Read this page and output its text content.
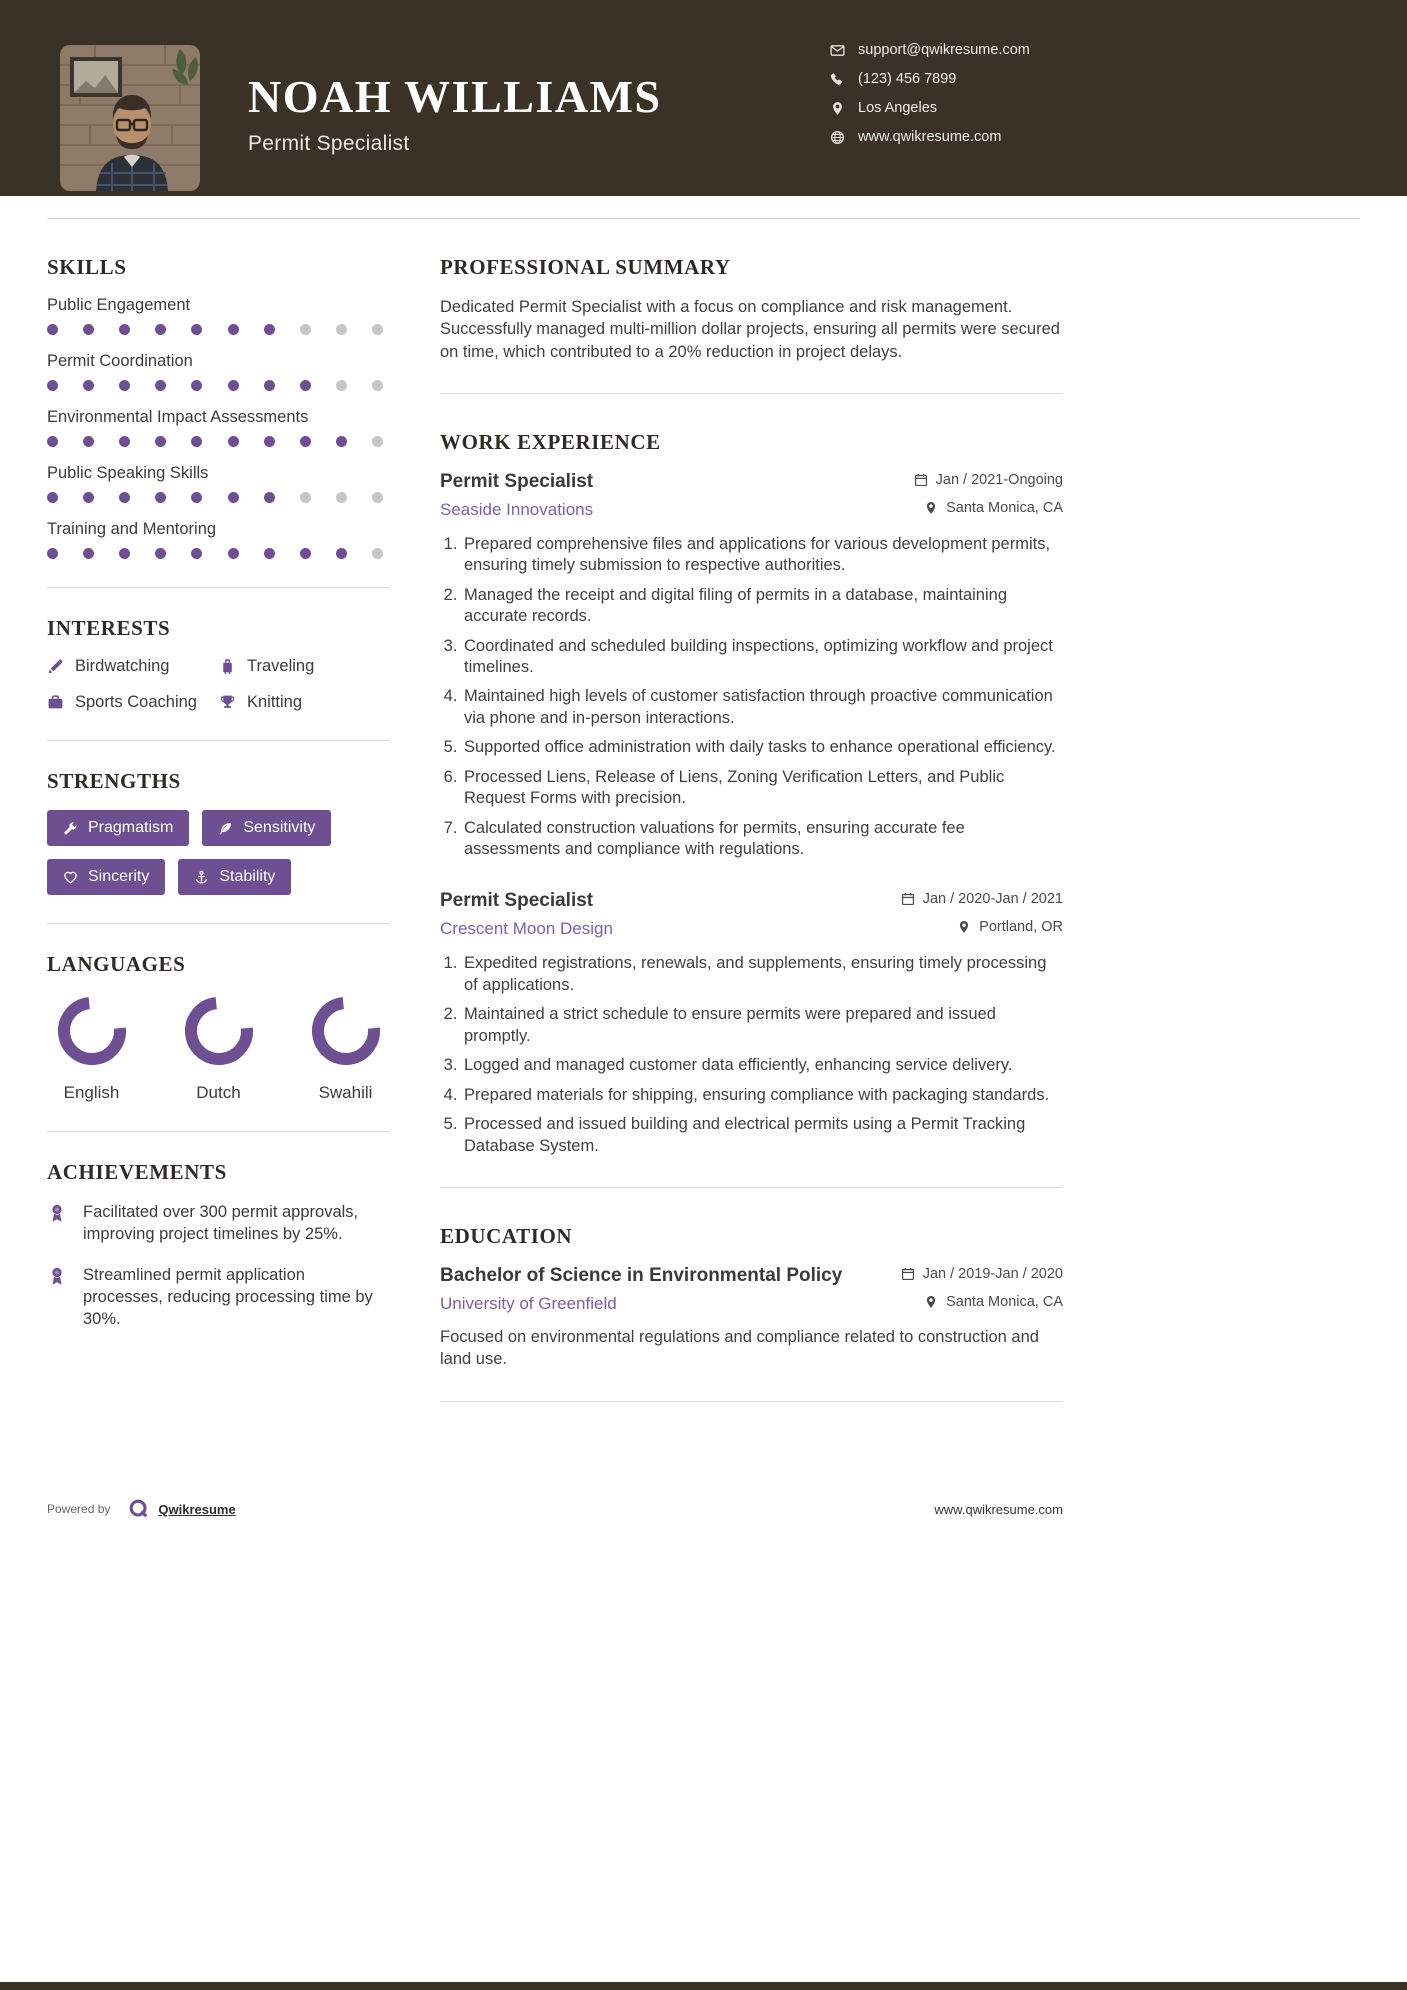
NOAH WILLIAMS
Permit Specialist
support@qwikresume.com
(123) 456 7899
Los Angeles
www.qwikresume.com
SKILLS
Public Engagement
Permit Coordination
Environmental Impact Assessments
Public Speaking Skills
Training and Mentoring
INTERESTS
Birdwatching	Traveling
Sports Coaching	Knitting
STRENGTHS
Pragmatism	Sensitivity
Sincerity	Stability
LANGUAGES
English	Dutch	Swahili
ACHIEVEMENTS

Facilitated over 300 permit approvals, improving project timelines by 25%.

Streamlined permit application processes, reducing processing time by 30%.

PROFESSIONAL SUMMARY

Dedicated Permit Specialist with a focus on compliance and risk management. Successfully managed multi-million dollar projects, ensuring all permits were secured on time, which contributed to a 20% reduction in project delays.

WORK EXPERIENCE
Permit Specialist	Jan / 2021-Ongoing
Seaside Innovations	Santa Monica, CA
1. Prepared comprehensive files and applications for various development permits, ensuring timely submission to respective authorities.
2. Managed the receipt and digital filing of permits in a database, maintaining accurate records.
3. Coordinated and scheduled building inspections, optimizing workflow and project timelines.
4. Maintained high levels of customer satisfaction through proactive communication via phone and in-person interactions.
5. Supported office administration with daily tasks to enhance operational efficiency.
6. Processed Liens, Release of Liens, Zoning Verification Letters, and Public Request Forms with precision.
7. Calculated construction valuations for permits, ensuring accurate fee assessments and compliance with regulations.
Permit Specialist	Jan / 2020-Jan / 2021
Crescent Moon Design	Portland, OR
1. Expedited registrations, renewals, and supplements, ensuring timely processing of applications.
2. Maintained a strict schedule to ensure permits were prepared and issued promptly.
3. Logged and managed customer data efficiently, enhancing service delivery.
4. Prepared materials for shipping, ensuring compliance with packaging standards.
5. Processed and issued building and electrical permits using a Permit Tracking Database System.
EDUCATION
Bachelor of Science in Environmental Policy	Jan / 2019-Jan / 2020
University of Greenfield	Santa Monica, CA

Focused on environmental regulations and compliance related to construction and land use.

Powered by	Qwikresume	www.qwikresume.com
